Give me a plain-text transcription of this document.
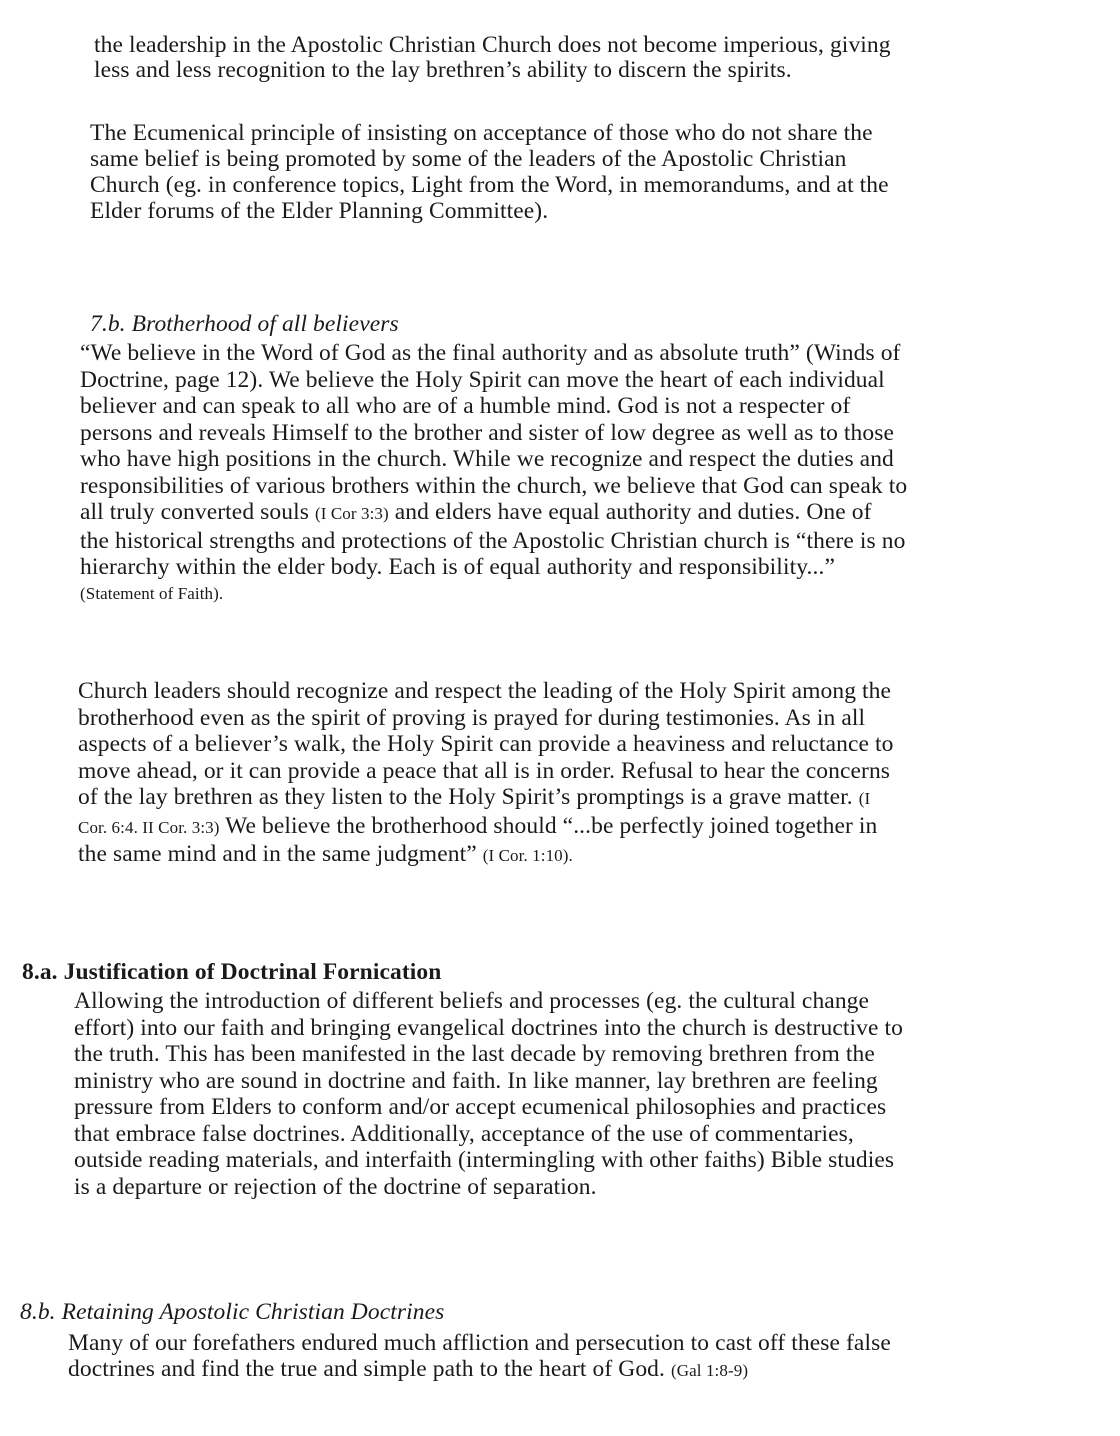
the leadership in the Apostolic Christian Church does not become imperious, giving
less and less recognition to the lay brethren’s ability to discern the spirits.

The Ecumenical principle of insisting on acceptance of those who do not share the
same belief is being promoted by some of the leaders of the Apostolic Christian
Church (eg. in conference topics, Light from the Word, in memorandums, and at the
Elder forums of the Elder Planning Committee).

7.b. Brotherhood of all believers

“We believe in the Word of God as the final authority and as absolute truth” (Winds of
Doctrine, page 12). We believe the Holy Spirit can move the heart of each individual
believer and can speak to all who are of a humble mind. God is not a respecter of
persons and reveals Himself to the brother and sister of low degree as well as to those
who have high positions in the church. While we recognize and respect the duties and
responsibilities of various brothers within the church, we believe that God can speak to
all truly converted souls (I Cor 3:3) and elders have equal authority and duties. One of
the historical strengths and protections of the Apostolic Christian church is “there is no
hierarchy within the elder body. Each is of equal authority and responsibility...”
(Statement of Faith).

Church leaders should recognize and respect the leading of the Holy Spirit among the
brotherhood even as the spirit of proving is prayed for during testimonies. As in all
aspects of a believer’s walk, the Holy Spirit can provide a heaviness and reluctance to
move ahead, or it can provide a peace that all is in order. Refusal to hear the concerns
of the lay brethren as they listen to the Holy Spirit’s promptings is a grave matter. (I
Cor. 6:4. II Cor. 3:3) We believe the brotherhood should “...be perfectly joined together in
the same mind and in the same judgment” (I Cor. 1:10).

8.a. Justification of Doctrinal Fornication

Allowing the introduction of different beliefs and processes (eg. the cultural change
effort) into our faith and bringing evangelical doctrines into the church is destructive to
the truth. This has been manifested in the last decade by removing brethren from the
ministry who are sound in doctrine and faith. In like manner, lay brethren are feeling
pressure from Elders to conform and/or accept ecumenical philosophies and practices
that embrace false doctrines. Additionally, acceptance of the use of commentaries,
outside reading materials, and interfaith (intermingling with other faiths) Bible studies
is a departure or rejection of the doctrine of separation.

8.b. Retaining Apostolic Christian Doctrines

Many of our forefathers endured much affliction and persecution to cast off these false
doctrines and find the true and simple path to the heart of God. (Gal 1:8-9)
